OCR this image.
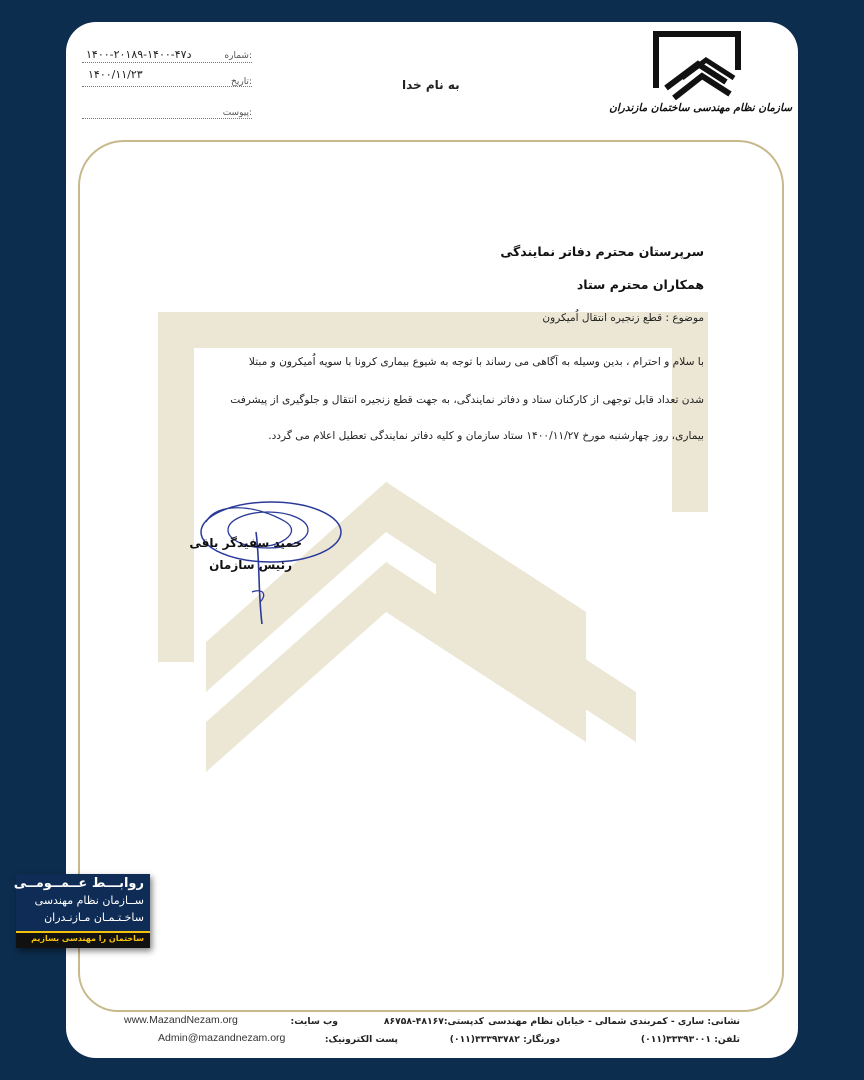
سازمان نظام مهندسی ساختمان مازندران
به نام خدا
۱۴۰۰-۲۰۱۸۹-د۴۷-۱۴۰۰	شماره:
۱۴۰۰/۱۱/۲۳
تاریخ:
پیوست:
سرپرستان محترم دفاتر نمایندگی
همکاران محترم ستاد
موضوع : قطع زنجیره انتقال اُمیکرون
با سلام و احترام ، بدین وسیله به آگاهی می رساند با توجه به شیوع بیماری کرونا با سویه اُمیکرون و مبتلا
شدن تعداد قابل توجهی از کارکنان ستاد و دفاتر نمایندگی، به جهت قطع زنجیره انتقال و جلوگیری از پیشرفت
بیماری، روز چهارشنبه مورخ ۱۴۰۰/۱۱/۲۷ ستاد سازمان و کلیه دفاتر نمایندگی تعطیل اعلام می گردد.
حمید سفیدگر باقی
رئیس سازمان
نشانی: ساری - کمربندی شمالی - خیابان نظام مهندسی
کدپستی:۴۸۱۶۷-۸۶۷۵۸
وب سایت:
www.MazandNezam.org
تلفن: ۳۳۳۹۳۰۰۱(۰۱۱)
دورنگار: ۳۳۳۹۳۷۸۲(۰۱۱)
پست الکترونیک:
Admin@mazandnezam.org
روابـــط عــمــومــی
ســازمان نظام مهندسی
ساخـتـمـان مـازنـدران
ساختمان را مهندسی بسازیم
